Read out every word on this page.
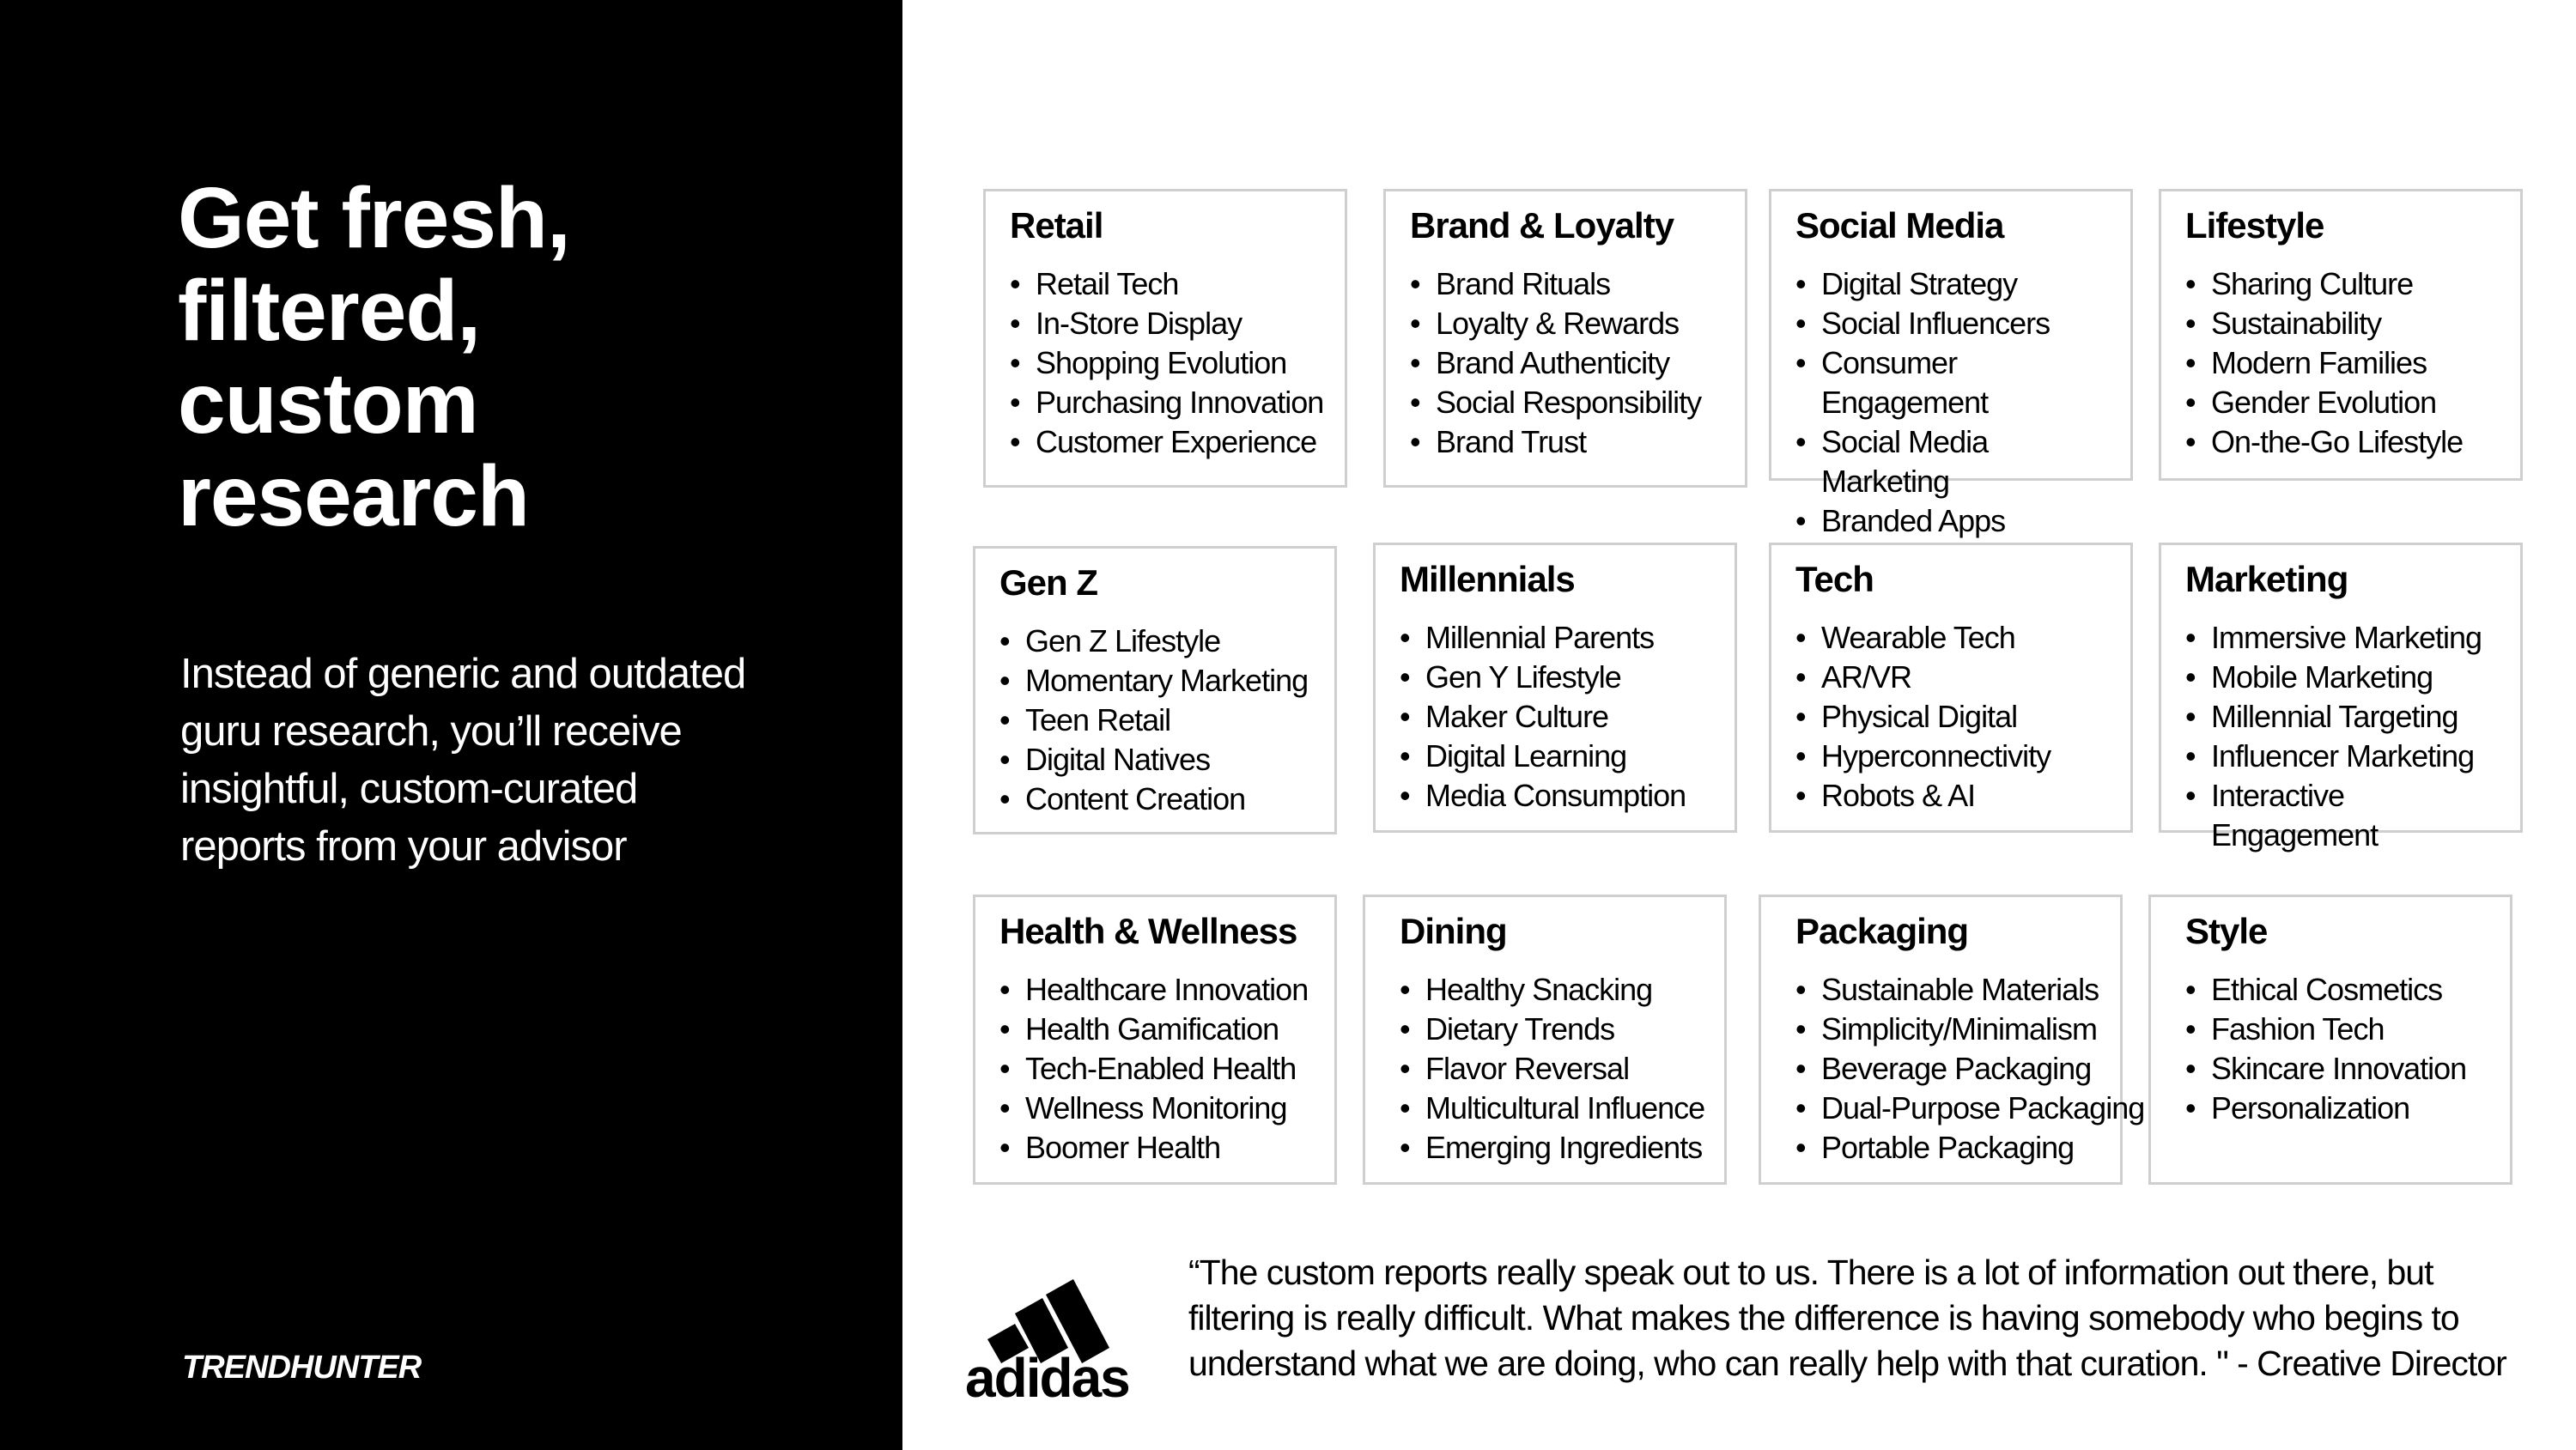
Get fresh, filtered, custom research

Instead of generic and outdated guru research, you’ll receive insightful, custom-curated reports from your advisor

TRENDHUNTER
Retail
• Retail Tech
• In-Store Display
• Shopping Evolution
• Purchasing Innovation
• Customer Experience
Brand & Loyalty
• Brand Rituals
• Loyalty & Rewards
• Brand Authenticity
• Social Responsibility
• Brand Trust
Social Media
• Digital Strategy
• Social Influencers
• Consumer Engagement
• Social Media Marketing
• Branded Apps
Lifestyle
• Sharing Culture
• Sustainability
• Modern Families
• Gender Evolution
• On-the-Go Lifestyle
Gen Z
• Gen Z Lifestyle
• Momentary Marketing
• Teen Retail
• Digital Natives
• Content Creation
Millennials
• Millennial Parents
• Gen Y Lifestyle
• Maker Culture
• Digital Learning
• Media Consumption
Tech
• Wearable Tech
• AR/VR
• Physical Digital
• Hyperconnectivity
• Robots & AI
Marketing
• Immersive Marketing
• Mobile Marketing
• Millennial Targeting
• Influencer Marketing
• Interactive Engagement
Health & Wellness
• Healthcare Innovation
• Health Gamification
• Tech-Enabled Health
• Wellness Monitoring
• Boomer Health
Dining
• Healthy Snacking
• Dietary Trends
• Flavor Reversal
• Multicultural Influence
• Emerging Ingredients
Packaging
• Sustainable Materials
• Simplicity/Minimalism
• Beverage Packaging
• Dual-Purpose Packaging
• Portable Packaging
Style
• Ethical Cosmetics
• Fashion Tech
• Skincare Innovation
• Personalization
adidas

“The custom reports really speak out to us. There is a lot of information out there, but filtering is really difficult. What makes the difference is having somebody who begins to understand what we are doing, who can really help with that curation. " - Creative Director
